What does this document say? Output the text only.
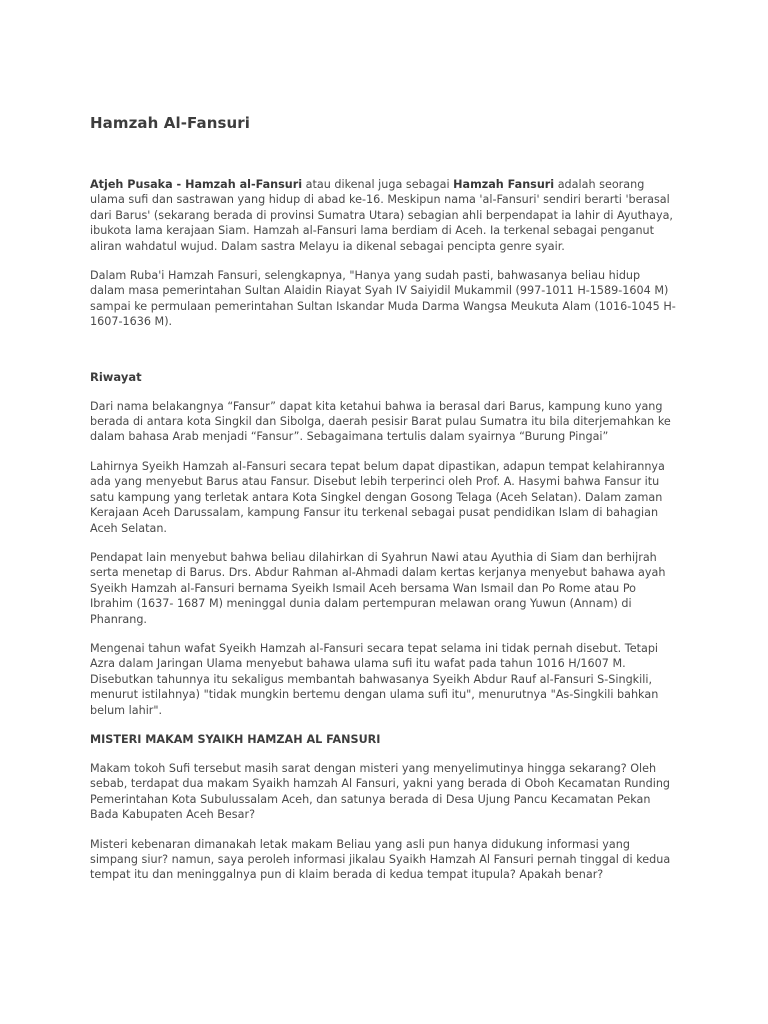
Hamzah Al-Fansuri

Atjeh Pusaka - Hamzah al-Fansuri atau dikenal juga sebagai Hamzah Fansuri adalah seorang ulama sufi dan sastrawan yang hidup di abad ke-16. Meskipun nama 'al-Fansuri' sendiri berarti 'berasal dari Barus' (sekarang berada di provinsi Sumatra Utara) sebagian ahli berpendapat ia lahir di Ayuthaya, ibukota lama kerajaan Siam. Hamzah al-Fansuri lama berdiam di Aceh. Ia terkenal sebagai penganut aliran wahdatul wujud. Dalam sastra Melayu ia dikenal sebagai pencipta genre syair.

Dalam Ruba'i Hamzah Fansuri, selengkapnya, "Hanya yang sudah pasti, bahwasanya beliau hidup dalam masa pemerintahan Sultan Alaidin Riayat Syah IV Saiyidil Mukammil (997-1011 H-1589-1604 M) sampai ke permulaan pemerintahan Sultan Iskandar Muda Darma Wangsa Meukuta Alam (1016-1045 H-1607-1636 M).

Riwayat

Dari nama belakangnya “Fansur” dapat kita ketahui bahwa ia berasal dari Barus, kampung kuno yang berada di antara kota Singkil dan Sibolga, daerah pesisir Barat pulau Sumatra itu bila diterjemahkan ke dalam bahasa Arab menjadi “Fansur”. Sebagaimana tertulis dalam syairnya “Burung Pingai”

Lahirnya Syeikh Hamzah al-Fansuri secara tepat belum dapat dipastikan, adapun tempat kelahirannya ada yang menyebut Barus atau Fansur. Disebut lebih terperinci oleh Prof. A. Hasymi bahwa Fansur itu satu kampung yang terletak antara Kota Singkel dengan Gosong Telaga (Aceh Selatan). Dalam zaman Kerajaan Aceh Darussalam, kampung Fansur itu terkenal sebagai pusat pendidikan Islam di bahagian Aceh Selatan.

Pendapat lain menyebut bahwa beliau dilahirkan di Syahrun Nawi atau Ayuthia di Siam dan berhijrah serta menetap di Barus. Drs. Abdur Rahman al-Ahmadi dalam kertas kerjanya menyebut bahawa ayah Syeikh Hamzah al-Fansuri bernama Syeikh Ismail Aceh bersama Wan Ismail dan Po Rome atau Po Ibrahim (1637- 1687 M) meninggal dunia dalam pertempuran melawan orang Yuwun (Annam) di Phanrang.

Mengenai tahun wafat Syeikh Hamzah al-Fansuri secara tepat selama ini tidak pernah disebut. Tetapi Azra dalam Jaringan Ulama menyebut bahawa ulama sufi itu wafat pada tahun 1016 H/1607 M. Disebutkan tahunnya itu sekaligus membantah bahwasanya Syeikh Abdur Rauf al-Fansuri S-Singkili, menurut istilahnya) "tidak mungkin bertemu dengan ulama sufi itu", menurutnya "As-Singkili bahkan belum lahir".

MISTERI MAKAM SYAIKH HAMZAH AL FANSURI

Makam tokoh Sufi tersebut masih sarat dengan misteri yang menyelimutinya hingga sekarang? Oleh sebab, terdapat dua makam Syaikh hamzah Al Fansuri, yakni yang berada di Oboh Kecamatan Runding Pemerintahan Kota Subulussalam Aceh, dan satunya berada di Desa Ujung Pancu Kecamatan Pekan Bada Kabupaten Aceh Besar?

Misteri kebenaran dimanakah letak makam Beliau yang asli pun hanya didukung informasi yang simpang siur? namun, saya peroleh informasi jikalau Syaikh Hamzah Al Fansuri pernah tinggal di kedua tempat itu dan meninggalnya pun di klaim berada di kedua tempat itupula? Apakah benar?
